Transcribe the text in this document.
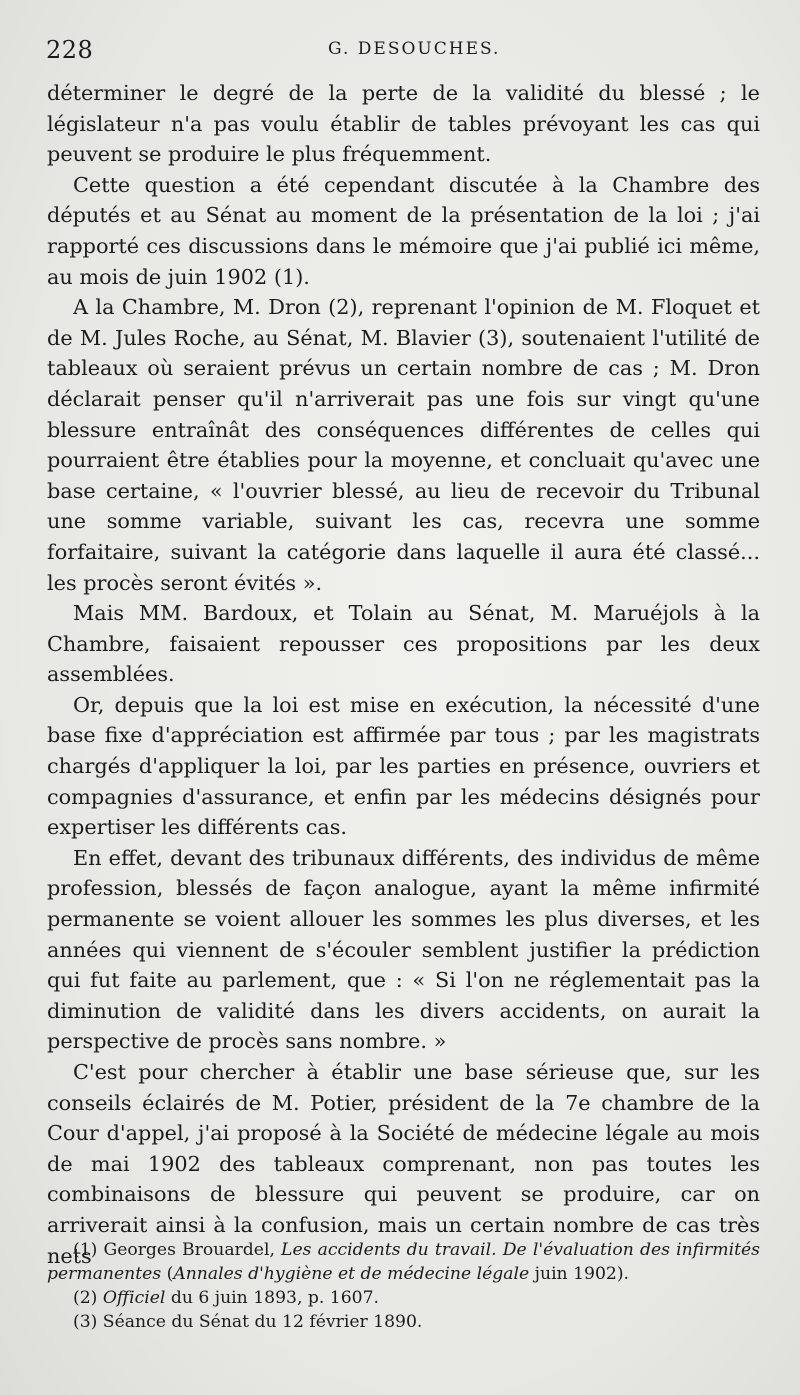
228	G. DESOUCHES.

déterminer le degré de la perte de la validité du blessé ; le législateur n'a pas voulu établir de tables prévoyant les cas qui peuvent se produire le plus fréquemment.

Cette question a été cependant discutée à la Chambre des députés et au Sénat au moment de la présentation de la loi ; j'ai rapporté ces discussions dans le mémoire que j'ai publié ici même, au mois de juin 1902 (1).

A la Chambre, M. Dron (2), reprenant l'opinion de M. Floquet et de M. Jules Roche, au Sénat, M. Blavier (3), soutenaient l'utilité de tableaux où seraient prévus un certain nombre de cas ; M. Dron déclarait penser qu'il n'arriverait pas une fois sur vingt qu'une blessure entraînât des conséquences différentes de celles qui pourraient être établies pour la moyenne, et concluait qu'avec une base certaine, « l'ouvrier blessé, au lieu de recevoir du Tribunal une somme variable, suivant les cas, recevra une somme forfaitaire, suivant la catégorie dans laquelle il aura été classé... les procès seront évités ».

Mais MM. Bardoux, et Tolain au Sénat, M. Maruéjols à la Chambre, faisaient repousser ces propositions par les deux assemblées.

Or, depuis que la loi est mise en exécution, la nécessité d'une base fixe d'appréciation est affirmée par tous ; par les magistrats chargés d'appliquer la loi, par les parties en présence, ouvriers et compagnies d'assurance, et enfin par les médecins désignés pour expertiser les différents cas.

En effet, devant des tribunaux différents, des individus de même profession, blessés de façon analogue, ayant la même infirmité permanente se voient allouer les sommes les plus diverses, et les années qui viennent de s'écouler semblent justifier la prédiction qui fut faite au parlement, que : « Si l'on ne réglementait pas la diminution de validité dans les divers accidents, on aurait la perspective de procès sans nombre. »

C'est pour chercher à établir une base sérieuse que, sur les conseils éclairés de M. Potier, président de la 7e chambre de la Cour d'appel, j'ai proposé à la Société de médecine légale au mois de mai 1902 des tableaux comprenant, non pas toutes les combinaisons de blessure qui peuvent se produire, car on arriverait ainsi à la confusion, mais un certain nombre de cas très nets

(1) Georges Brouardel, Les accidents du travail. De l'évaluation des infirmités permanentes (Annales d'hygiène et de médecine légale juin 1902).

(2) Officiel du 6 juin 1893, p. 1607.

(3) Séance du Sénat du 12 février 1890.
